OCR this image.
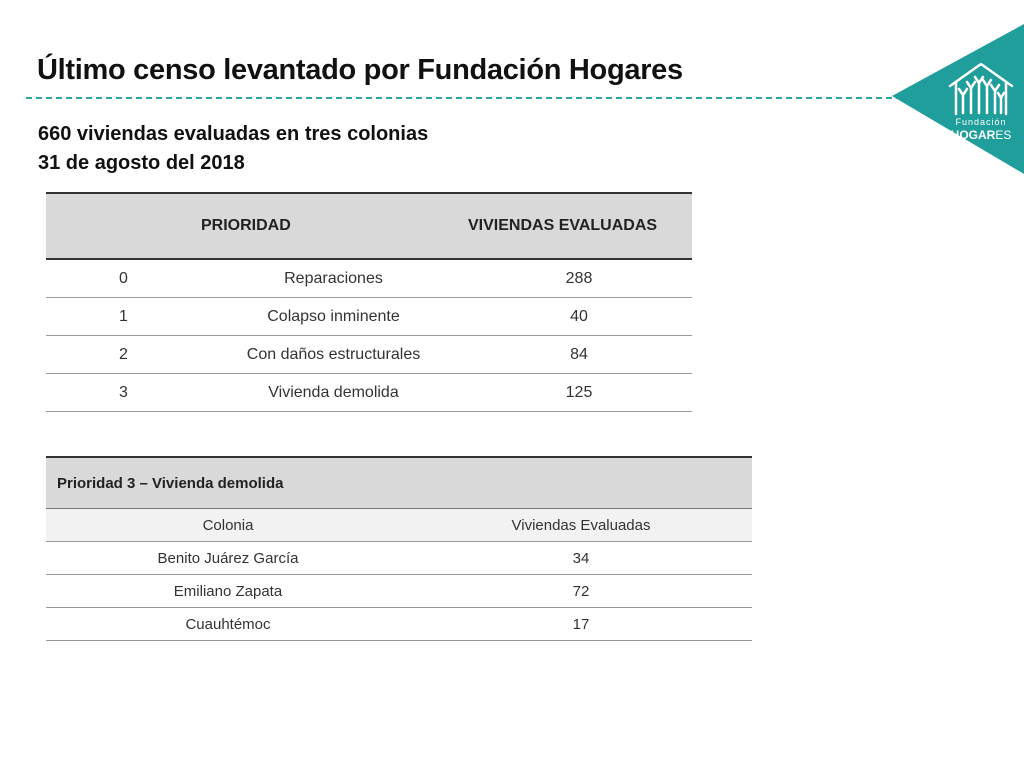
Último censo levantado por Fundación Hogares
Fundación
HOGARES
660 viviendas evaluadas en tres colonias
31 de agosto del 2018
	PRIORIDAD	VIVIENDAS EVALUADAS
0	Reparaciones	288
1	Colapso inminente	40
2	Con daños estructurales	84
3	Vivienda demolida	125
Prioridad 3 – Vivienda demolida	
Colonia	Viviendas Evaluadas
Benito Juárez García	34
Emiliano Zapata	72
Cuauhtémoc	17
